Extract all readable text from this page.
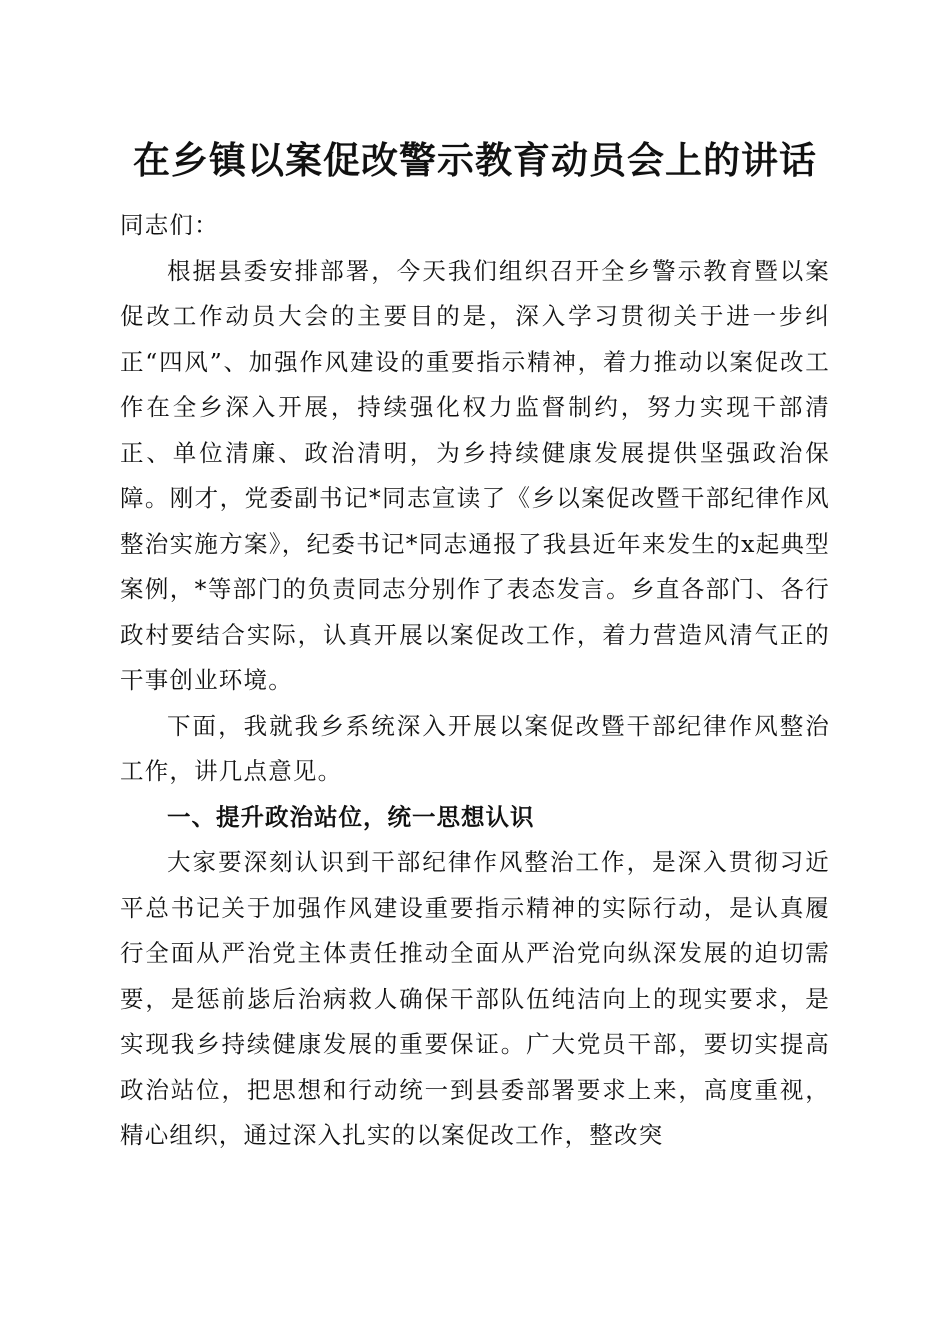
在乡镇以案促改警示教育动员会上的讲话

同志们：

根据县委安排部署，今天我们组织召开全乡警示教育暨以案促改工作动员大会的主要目的是，深入学习贯彻关于进一步纠正“四风”、加强作风建设的重要指示精神，着力推动以案促改工作在全乡深入开展，持续强化权力监督制约，努力实现干部清正、单位清廉、政治清明，为乡持续健康发展提供坚强政治保障。刚才，党委副书记*同志宣读了《乡以案促改暨干部纪律作风整治实施方案》，纪委书记*同志通报了我县近年来发生的x起典型案例，*等部门的负责同志分别作了表态发言。乡直各部门、各行政村要结合实际，认真开展以案促改工作，着力营造风清气正的干事创业环境。

下面，我就我乡系统深入开展以案促改暨干部纪律作风整治工作，讲几点意见。

一、提升政治站位，统一思想认识

大家要深刻认识到干部纪律作风整治工作，是深入贯彻习近平总书记关于加强作风建设重要指示精神的实际行动，是认真履行全面从严治党主体责任推动全面从严治党向纵深发展的迫切需要，是惩前毖后治病救人确保干部队伍纯洁向上的现实要求，是实现我乡持续健康发展的重要保证。广大党员干部，要切实提高政治站位，把思想和行动统一到县委部署要求上来，高度重视，精心组织，通过深入扎实的以案促改工作，整改突
